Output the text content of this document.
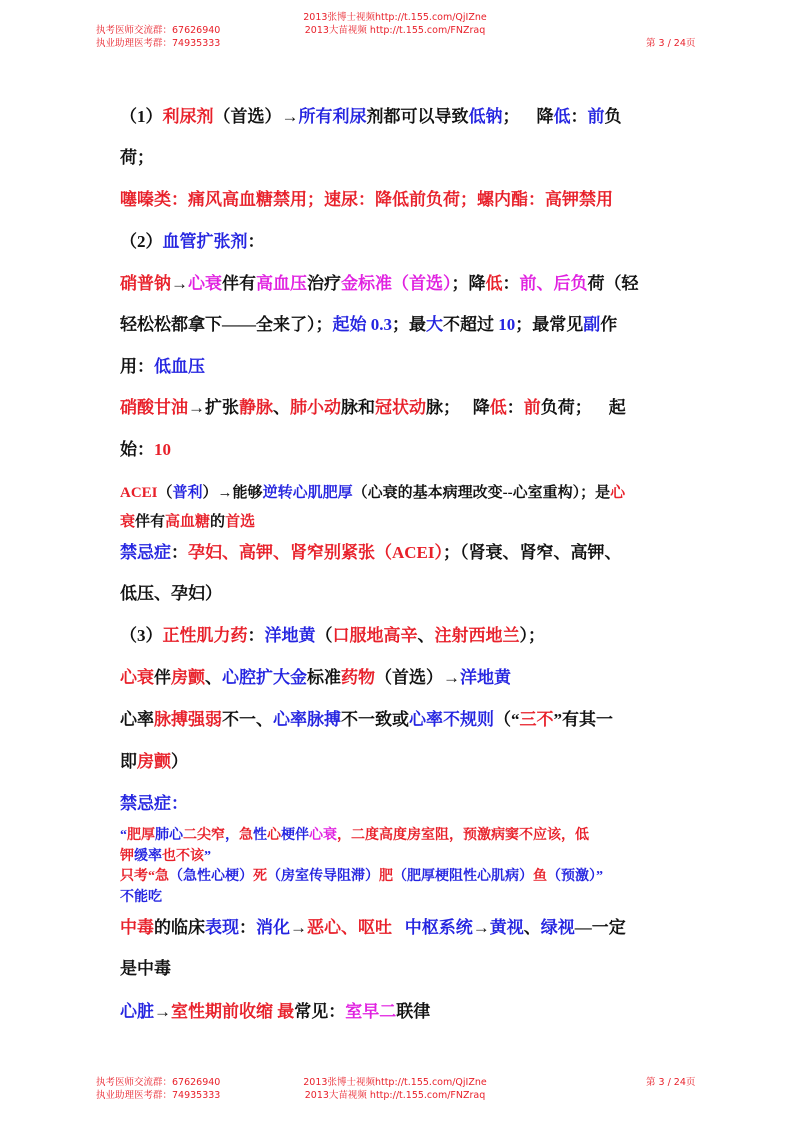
执考医师交流群：67626940
执业助理医考群：74935333
2013张博士视频http://t.155.com/QjIZne
2013大苗视频 http://t.155.com/FNZraq
第 3 / 24页
（1）利尿剂（首选）→所有利尿剂都可以导致低钠；    降低：前负
荷；
噻嗪类：痛风高血糖禁用；速尿：降低前负荷；螺内酯：高钾禁用
（2）血管扩张剂：
硝普钠→心衰伴有高血压治疗金标准（首选）；降低：前、后负荷（轻
轻松松都拿下——全来了）；起始 0.3；最大不超过 10；最常见副作
用：低血压
硝酸甘油→扩张静脉、肺小动脉和冠状动脉；   降低：前负荷；    起
始：10
ACEI（普利）→能够逆转心肌肥厚（心衰的基本病理改变--心室重构）；是心
衰伴有高血糖的首选
禁忌症：孕妇、高钾、肾窄别紧张（ACEI）；（肾衰、肾窄、高钾、
低压、孕妇）
（3）正性肌力药：洋地黄（口服地高辛、注射西地兰）；
心衰伴房颤、心腔扩大金标准药物（首选）→洋地黄
心率脉搏强弱不一、心率脉搏不一致或心率不规则（“三不”有其一
即房颤）
禁忌症：
“肥厚肺心二尖窄，急性心梗伴心衰，二度高度房室阻，预激病窦不应该，低
钾缓率也不该”
只考“急（急性心梗）死（房室传导阻滞）肥（肥厚梗阻性心肌病）鱼（预激）”
不能吃
中毒的临床表现：消化→恶心、呕吐 中枢系统→黄视、绿视—一定
是中毒
心脏→室性期前收缩 最常见：室早二联律
执考医师交流群：67626940
执业助理医考群：74935333
2013张博士视频http://t.155.com/QjIZne
2013大苗视频 http://t.155.com/FNZraq
第 3 / 24页
